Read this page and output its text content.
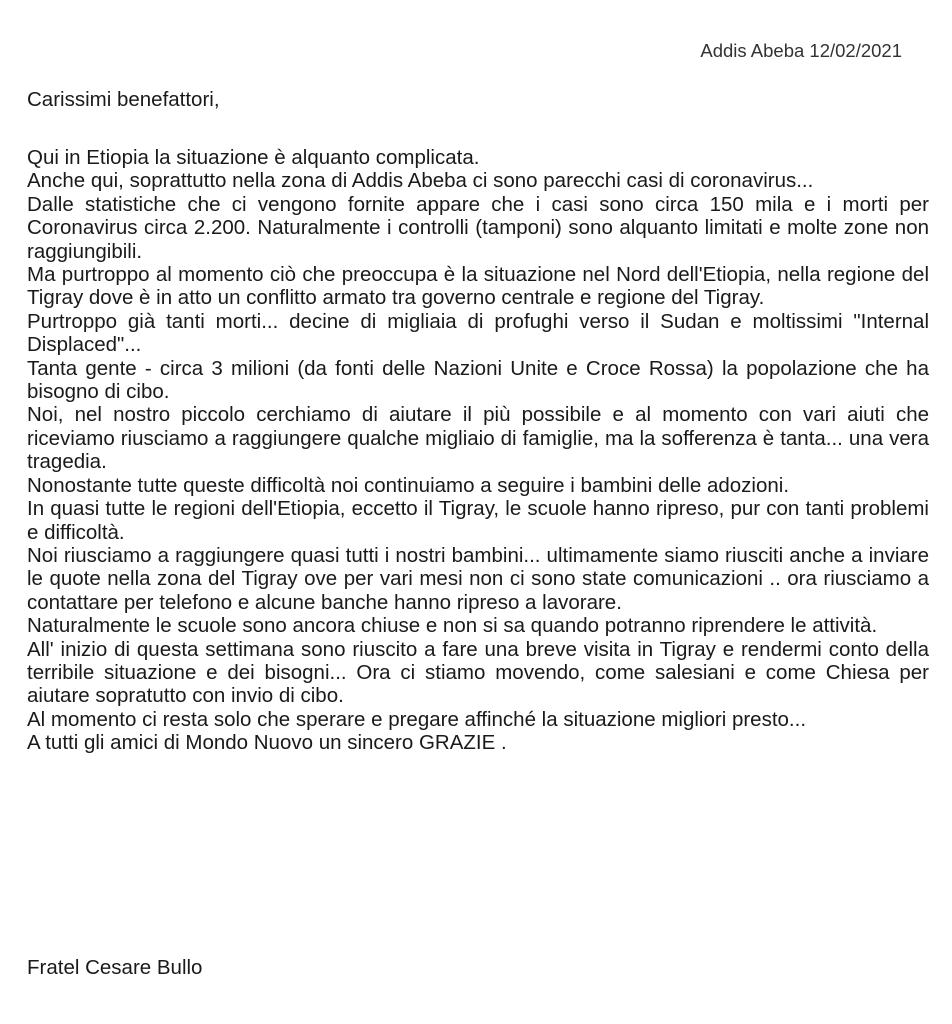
Addis Abeba 12/02/2021
Carissimi benefattori,

Qui in Etiopia la situazione è alquanto complicata.

Anche qui, soprattutto nella zona di Addis Abeba ci sono parecchi casi di coronavirus...

Dalle statistiche che ci vengono fornite appare che i casi sono circa 150 mila e i morti per Coronavirus circa 2.200. Naturalmente i controlli (tamponi) sono alquanto limitati e molte zone non raggiungibili.

Ma purtroppo al momento ciò che preoccupa è la situazione nel Nord dell'Etiopia, nella regione del Tigray dove è in atto un conflitto armato tra governo centrale e regione del Tigray.

Purtroppo già tanti morti... decine di migliaia di profughi verso il Sudan e moltissimi "Internal Displaced"...

Tanta gente - circa 3 milioni (da fonti delle Nazioni Unite e Croce Rossa) la popolazione che ha bisogno di cibo.

Noi, nel nostro piccolo cerchiamo di aiutare il più possibile e al momento con vari aiuti che riceviamo riusciamo a raggiungere qualche migliaio di famiglie, ma la sofferenza è tanta... una vera tragedia.

Nonostante tutte queste difficoltà noi continuiamo a seguire i bambini delle adozioni.

In quasi tutte le regioni dell'Etiopia, eccetto il Tigray, le scuole hanno ripreso, pur con tanti problemi e difficoltà.

Noi riusciamo a raggiungere quasi tutti i nostri bambini... ultimamente siamo riusciti anche a inviare le quote nella zona del Tigray ove per vari mesi non ci sono state comunicazioni .. ora riusciamo a contattare per telefono e alcune banche hanno ripreso a lavorare.

Naturalmente le scuole sono ancora chiuse e non si sa quando potranno riprendere le attività.

All' inizio di questa settimana sono riuscito a fare una breve visita in Tigray e rendermi conto della terribile situazione e dei bisogni... Ora ci stiamo movendo, come salesiani e come Chiesa per aiutare sopratutto con invio di cibo.

Al momento ci resta solo che sperare e pregare affinché la situazione migliori presto...

A tutti gli amici di Mondo Nuovo un sincero GRAZIE .

Fratel Cesare Bullo
